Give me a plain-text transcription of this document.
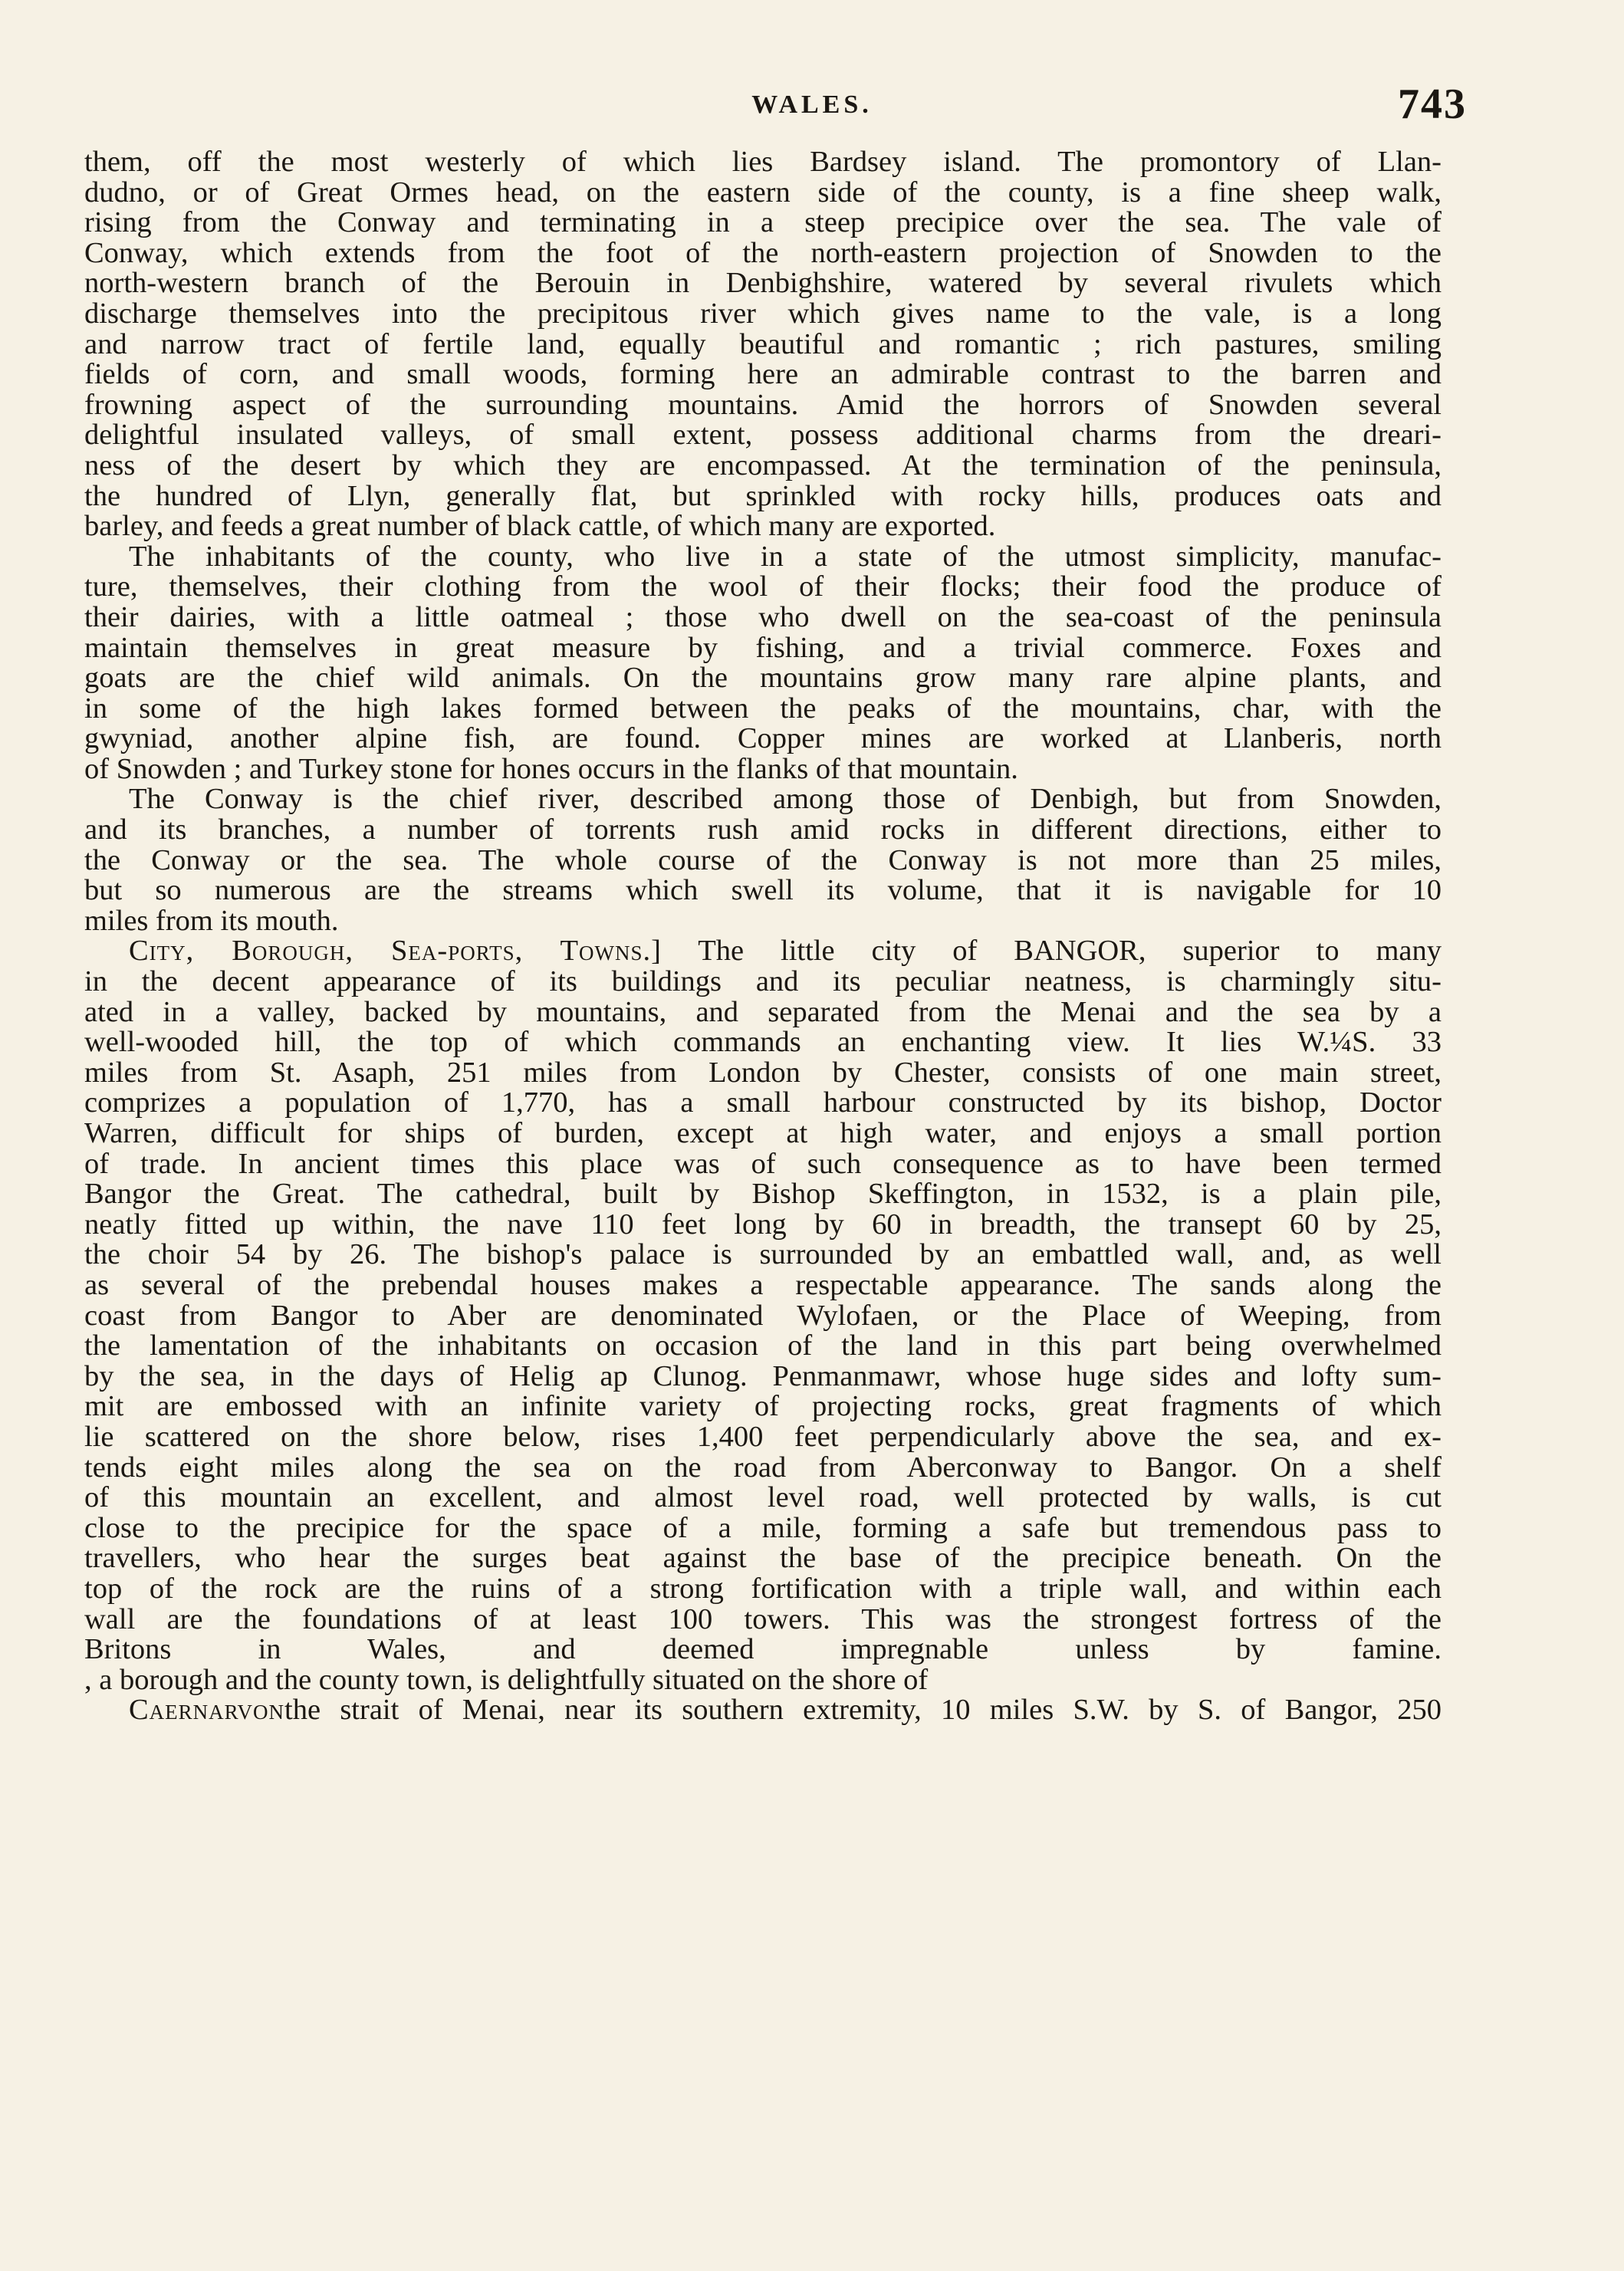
WALES.	743
them, off the most westerly of which lies Bardsey island. The promontory of Llan-
dudno, or of Great Ormes head, on the eastern side of the county, is a fine sheep walk,
rising from the Conway and terminating in a steep precipice over the sea. The vale of
Conway, which extends from the foot of the north-eastern projection of Snowden to the
north-western branch of the Berouin in Denbighshire, watered by several rivulets which
discharge themselves into the precipitous river which gives name to the vale, is a long
and narrow tract of fertile land, equally beautiful and romantic ; rich pastures, smiling
fields of corn, and small woods, forming here an admirable contrast to the barren and
frowning aspect of the surrounding mountains. Amid the horrors of Snowden several
delightful insulated valleys, of small extent, possess additional charms from the dreari-
ness of the desert by which they are encompassed. At the termination of the peninsula,
the hundred of Llyn, generally flat, but sprinkled with rocky hills, produces oats and
barley, and feeds a great number of black cattle, of which many are exported.
The inhabitants of the county, who live in a state of the utmost simplicity, manufac-
ture, themselves, their clothing from the wool of their flocks; their food the produce of
their dairies, with a little oatmeal ; those who dwell on the sea-coast of the peninsula
maintain themselves in great measure by fishing, and a trivial commerce. Foxes and
goats are the chief wild animals. On the mountains grow many rare alpine plants, and
in some of the high lakes formed between the peaks of the mountains, char, with the
gwyniad, another alpine fish, are found. Copper mines are worked at Llanberis, north
of Snowden ; and Turkey stone for hones occurs in the flanks of that mountain.
The Conway is the chief river, described among those of Denbigh, but from Snowden,
and its branches, a number of torrents rush amid rocks in different directions, either to
the Conway or the sea. The whole course of the Conway is not more than 25 miles,
but so numerous are the streams which swell its volume, that it is navigable for 10
miles from its mouth.
City, Borough, Sea-ports, Towns.] The little city of BANGOR, superior to many
in the decent appearance of its buildings and its peculiar neatness, is charmingly situ-
ated in a valley, backed by mountains, and separated from the Menai and the sea by a
well-wooded hill, the top of which commands an enchanting view. It lies W.¼S. 33
miles from St. Asaph, 251 miles from London by Chester, consists of one main street,
comprizes a population of 1,770, has a small harbour constructed by its bishop, Doctor
Warren, difficult for ships of burden, except at high water, and enjoys a small portion
of trade. In ancient times this place was of such consequence as to have been termed
Bangor the Great. The cathedral, built by Bishop Skeffington, in 1532, is a plain pile,
neatly fitted up within, the nave 110 feet long by 60 in breadth, the transept 60 by 25,
the choir 54 by 26. The bishop's palace is surrounded by an embattled wall, and, as well
as several of the prebendal houses makes a respectable appearance. The sands along the
coast from Bangor to Aber are denominated Wylofaen, or the Place of Weeping, from
the lamentation of the inhabitants on occasion of the land in this part being overwhelmed
by the sea, in the days of Helig ap Clunog. Penmanmawr, whose huge sides and lofty sum-
mit are embossed with an infinite variety of projecting rocks, great fragments of which
lie scattered on the shore below, rises 1,400 feet perpendicularly above the sea, and ex-
tends eight miles along the sea on the road from Aberconway to Bangor. On a shelf
of this mountain an excellent, and almost level road, well protected by walls, is cut
close to the precipice for the space of a mile, forming a safe but tremendous pass to
travellers, who hear the surges beat against the base of the precipice beneath. On the
top of the rock are the ruins of a strong fortification with a triple wall, and within each
wall are the foundations of at least 100 towers. This was the strongest fortress of the
Britons in Wales, and deemed impregnable unless by famine.
, a borough and the county town, is delightfully situated on the shore of
Caernarvonthe strait of Menai, near its southern extremity, 10 miles S.W. by S. of Bangor, 250
